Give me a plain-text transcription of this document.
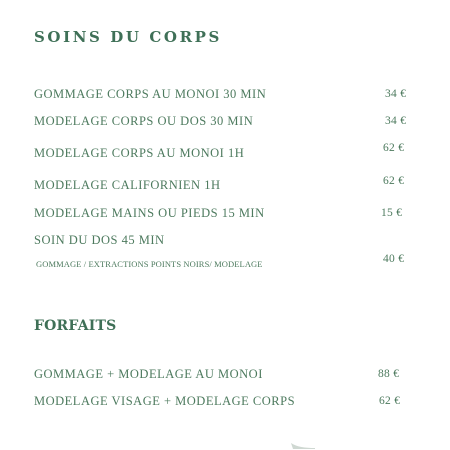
SOINS DU CORPS
GOMMAGE CORPS AU MONOI 30 MIN	34 €
MODELAGE CORPS OU DOS 30 MIN	34 €
MODELAGE CORPS AU MONOI 1H	62 €
MODELAGE CALIFORNIEN 1H	62 €
MODELAGE MAINS OU PIEDS 15 MIN	15 €
SOIN DU DOS 45 MIN
GOMMAGE / EXTRACTIONS POINTS NOIRS/ MODELAGE	40 €
FORFAITS
GOMMAGE + MODELAGE AU MONOI	88 €
MODELAGE VISAGE + MODELAGE CORPS	62 €
